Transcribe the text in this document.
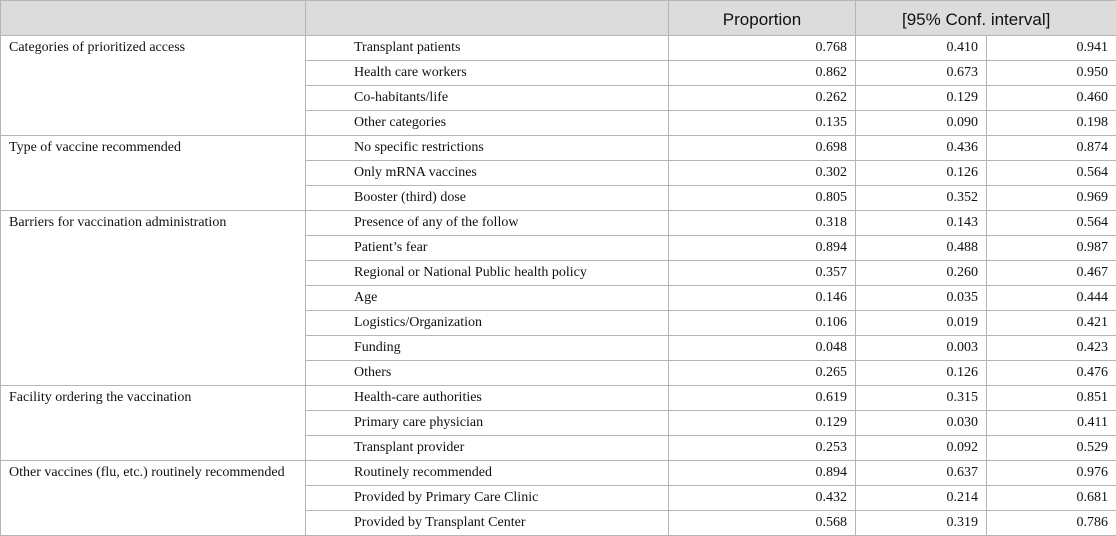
		Proportion	[95% Conf. interval]	
Categories of prioritized access	Transplant patients	0.768	0.410	0.941
	Health care workers	0.862	0.673	0.950
	Co-habitants/life	0.262	0.129	0.460
	Other categories	0.135	0.090	0.198
Type of vaccine recommended	No specific restrictions	0.698	0.436	0.874
	Only mRNA vaccines	0.302	0.126	0.564
	Booster (third) dose	0.805	0.352	0.969
Barriers for vaccination administration	Presence of any of the follow	0.318	0.143	0.564
	Patient’s fear	0.894	0.488	0.987
	Regional or National Public health policy	0.357	0.260	0.467
	Age	0.146	0.035	0.444
	Logistics/Organization	0.106	0.019	0.421
	Funding	0.048	0.003	0.423
	Others	0.265	0.126	0.476
Facility ordering the vaccination	Health-care authorities	0.619	0.315	0.851
	Primary care physician	0.129	0.030	0.411
	Transplant provider	0.253	0.092	0.529
Other vaccines (flu, etc.) routinely recommended	Routinely recommended	0.894	0.637	0.976
	Provided by Primary Care Clinic	0.432	0.214	0.681
	Provided by Transplant Center	0.568	0.319	0.786
